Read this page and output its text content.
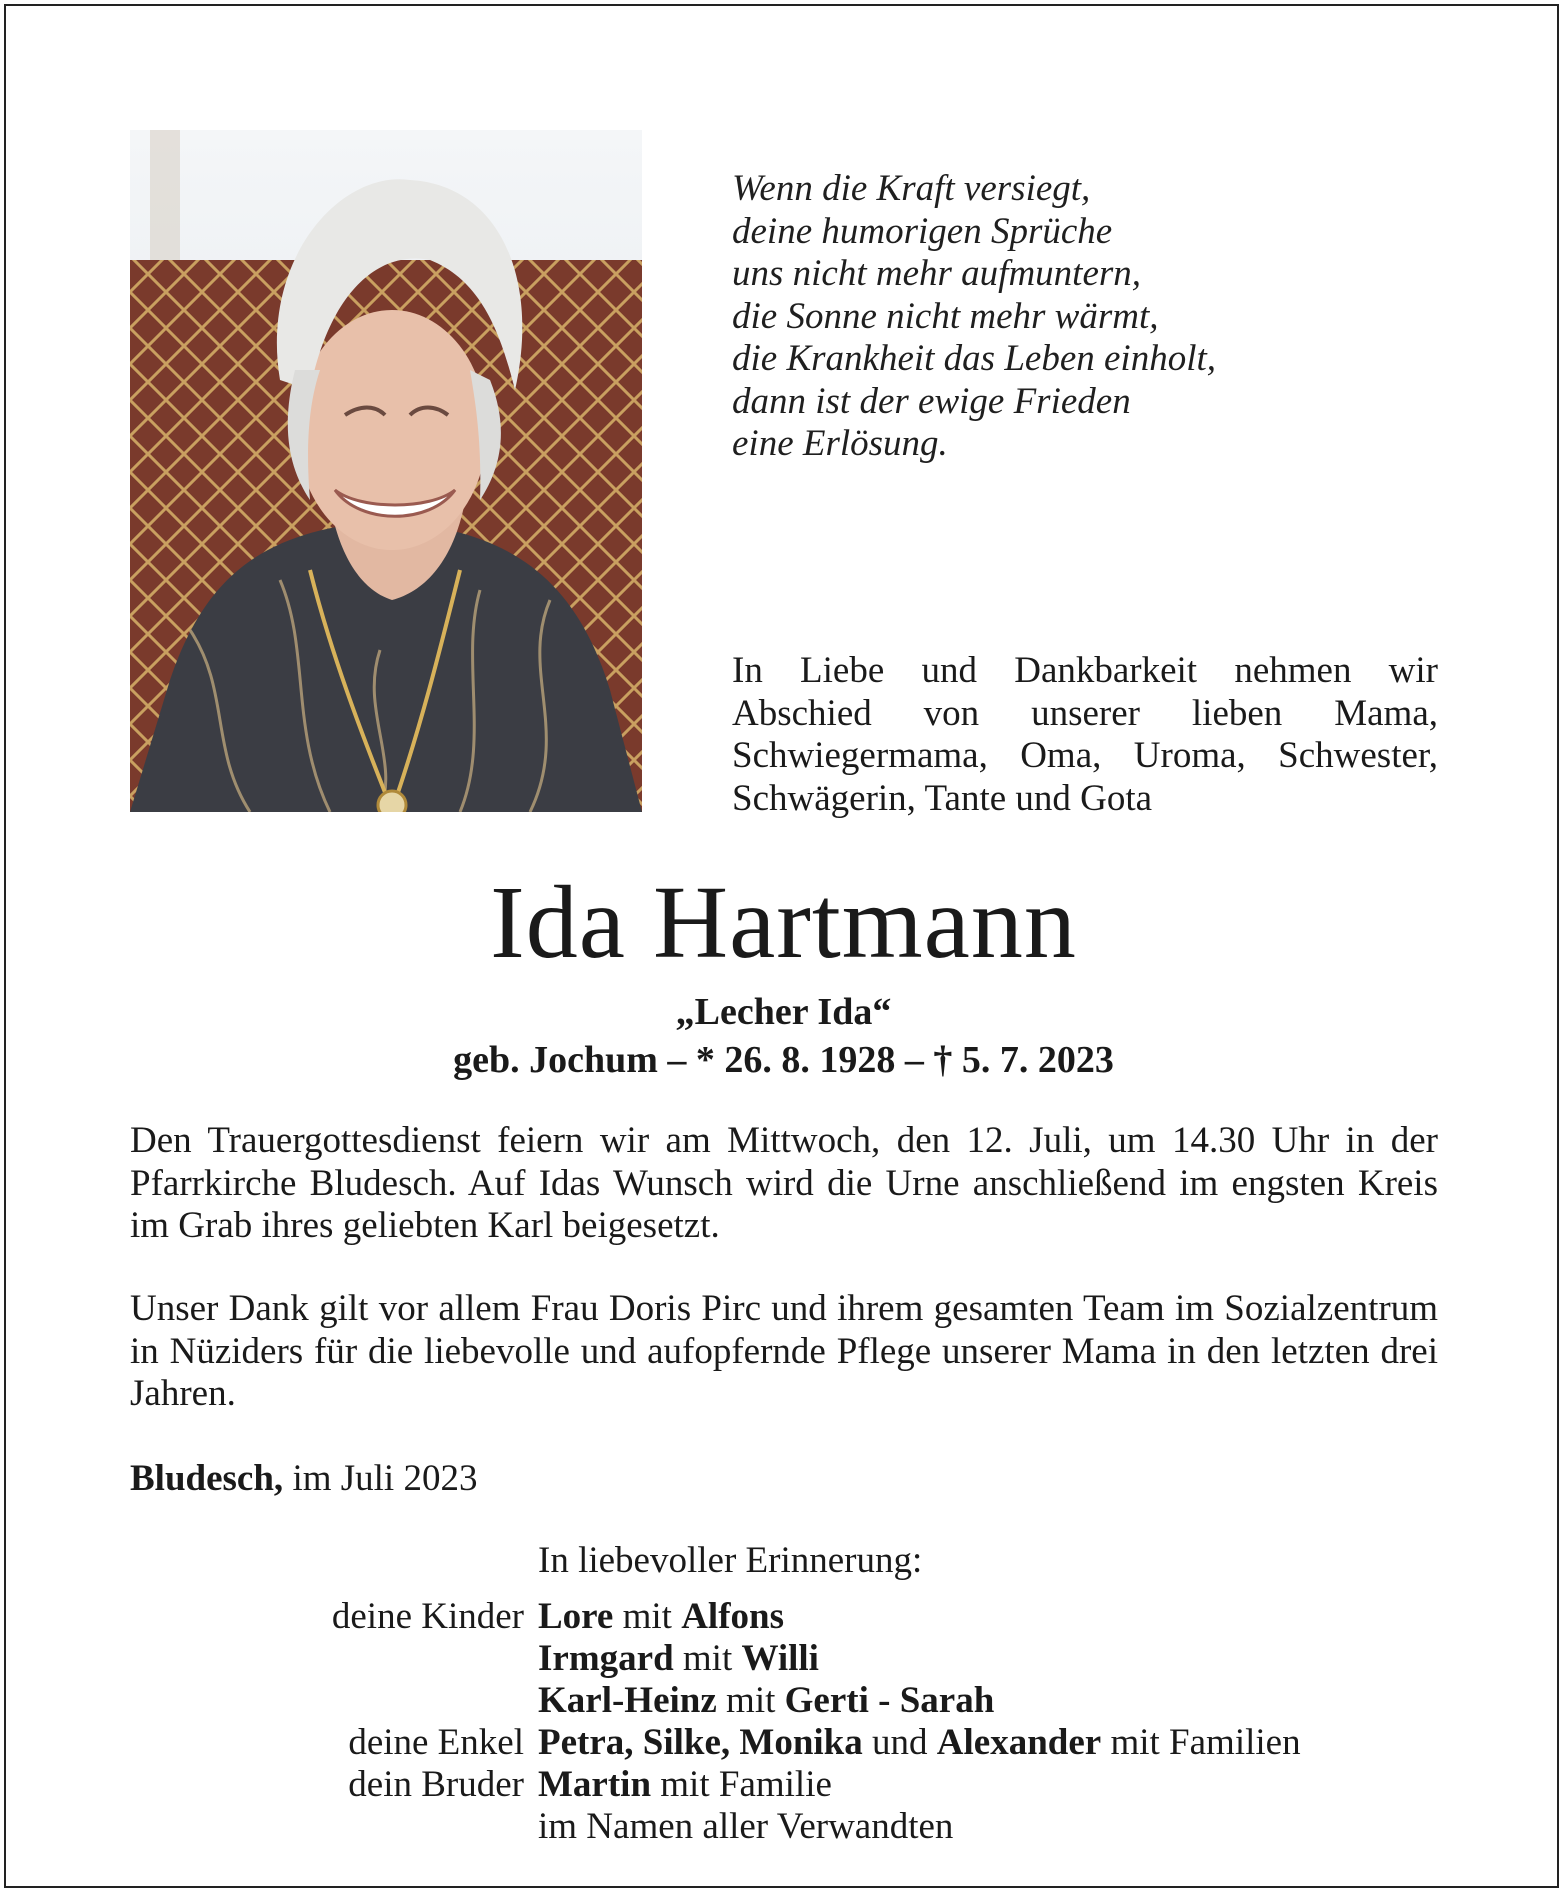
Wenn die Kraft versiegt,
deine humorigen Sprüche
uns nicht mehr aufmuntern,
die Sonne nicht mehr wärmt,
die Krankheit das Leben einholt,
dann ist der ewige Frieden
eine Erlösung.
In Liebe und Dankbarkeit nehmen wir Abschied von unserer lieben Mama, Schwiegermama, Oma, Uroma, Schwester, Schwägerin, Tante und Gota
Ida Hartmann
„Lecher Ida“
geb. Jochum – * 26. 8. 1928 – † 5. 7. 2023
Den Trauergottesdienst feiern wir am Mittwoch, den 12. Juli, um 14.30 Uhr in der Pfarrkirche Bludesch. Auf Idas Wunsch wird die Urne anschließend im engsten Kreis im Grab ihres geliebten Karl beigesetzt.
Unser Dank gilt vor allem Frau Doris Pirc und ihrem gesamten Team im Sozialzentrum in Nüziders für die liebevolle und aufopfernde Pflege unserer Mama in den letzten drei Jahren.
Bludesch, im Juli 2023
In liebevoller Erinnerung:
deine Kinder Lore mit Alfons
Irmgard mit Willi
Karl-Heinz mit Gerti - Sarah
deine Enkel Petra, Silke, Monika und Alexander mit Familien
dein Bruder Martin mit Familie
im Namen aller Verwandten
